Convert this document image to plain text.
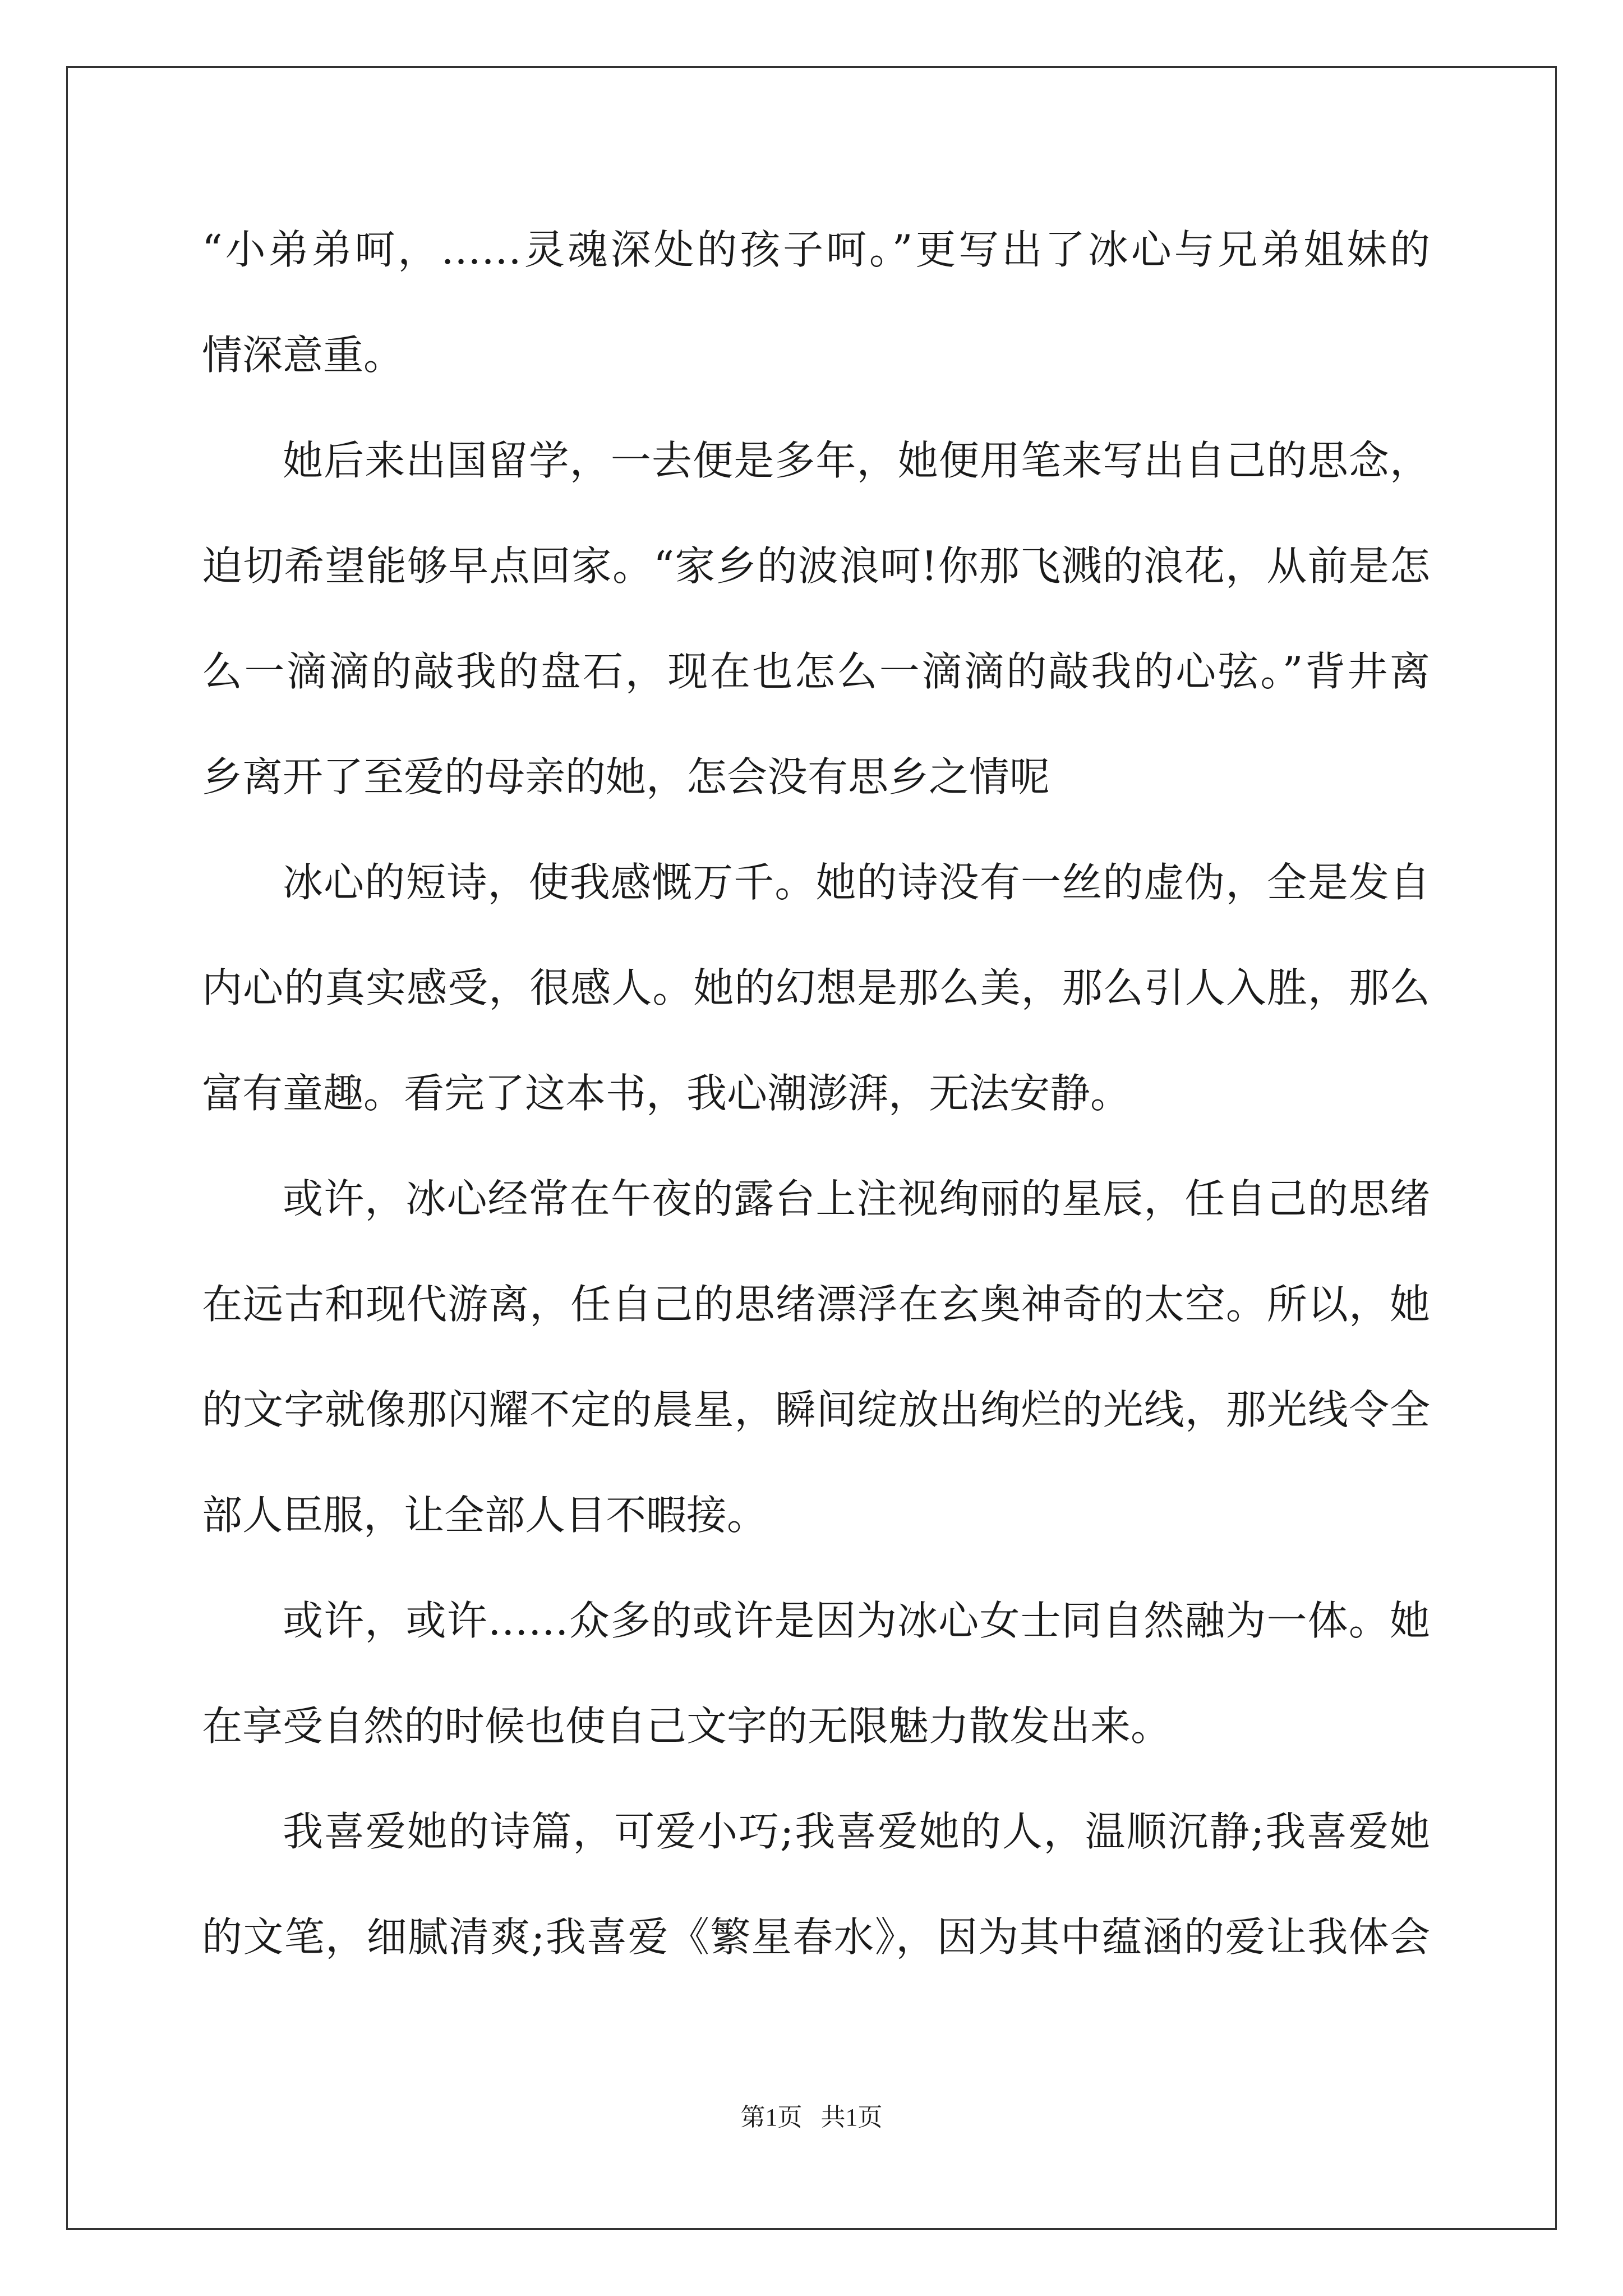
“小弟弟呵，……灵魂深处的孩子呵。”更写出了冰心与兄弟姐妹的
情深意重。
她后来出国留学，一去便是多年，她便用笔来写出自己的思念，
迫切希望能够早点回家。“家乡的波浪呵!你那飞溅的浪花，从前是怎
么一滴滴的敲我的盘石，现在也怎么一滴滴的敲我的心弦。”背井离
乡离开了至爱的母亲的她，怎会没有思乡之情呢
冰心的短诗，使我感慨万千。她的诗没有一丝的虚伪，全是发自
内心的真实感受，很感人。她的幻想是那么美，那么引人入胜，那么
富有童趣。看完了这本书，我心潮澎湃，无法安静。
或许，冰心经常在午夜的露台上注视绚丽的星辰，任自己的思绪
在远古和现代游离，任自己的思绪漂浮在玄奥神奇的太空。所以，她
的文字就像那闪耀不定的晨星，瞬间绽放出绚烂的光线，那光线令全
部人臣服，让全部人目不暇接。
或许，或许……众多的或许是因为冰心女士同自然融为一体。她
在享受自然的时候也使自己文字的无限魅力散发出来。
我喜爱她的诗篇，可爱小巧;我喜爱她的人，温顺沉静;我喜爱她
的文笔，细腻清爽;我喜爱《繁星春水》，因为其中蕴涵的爱让我体会
第1页   共1页
